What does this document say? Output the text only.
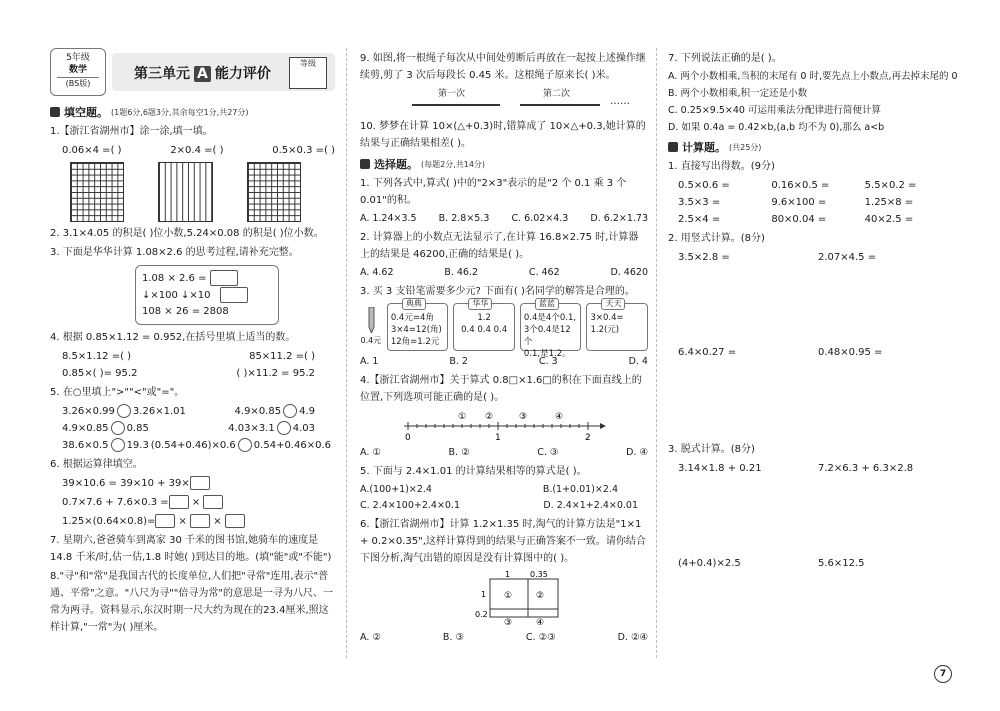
5年级
数学
(BS版)
第三单元 A 能力评价
等级
填空题。 (1题6分,6题3分,其余每空1分,共27分)
1.【浙江省湖州市】涂一涂,填一填。
0.06×4 =( )	2×0.4 =( )	0.5×0.3 =( )
2. 3.1×4.05 的积是( )位小数,5.24×0.08 的积是( )位小数。
3. 下面是华华计算 1.08×2.6 的思考过程,请补充完整。
1.08 × 2.6 =
↓×100 ↓×10
108 × 26 = 2808
4. 根据 0.85×1.12 = 0.952,在括号里填上适当的数。
8.5×1.12 =( )	85×11.2 =( )
0.85×( )= 95.2	( )×11.2 = 95.2
5. 在○里填上">""<"或"="。
3.26×0.99 3.26×1.01	4.9×0.85 4.9
4.9×0.85 0.85	4.03×3.1 4.03
38.6×0.5 19.3 (0.54+0.46)×0.6 0.54+0.46×0.6
6. 根据运算律填空。
39×10.6 = 39×10 + 39×
0.7×7.6 + 7.6×0.3 = ×
1.25×(0.64×0.8)= ×  ×
7. 星期六,爸爸骑车到离家 30 千米的图书馆,她骑车的速度是 14.8 千米/时,估一估,1.8 时她( )到达目的地。(填"能"或"不能")
8."寻"和"常"是我国古代的长度单位,人们把"寻常"连用,表示"普通、平常"之意。"八尺为寻""倍寻为常"的意思是一寻为八尺、一常为两寻。资料显示,东汉时期一尺大约为现在的23.4厘米,照这样计算,"一常"为( )厘米。
9. 如图,将一根绳子每次从中间处剪断后再放在一起按上述操作继续剪,剪了 3 次后每段长 0.45 米。这根绳子原来长( )米。
第一次	第二次
……
10. 梦梦在计算 10×(△+0.3)时,错算成了 10×△+0.3,她计算的结果与正确结果相差( )。
选择题。 (每题2分,共14分)
1. 下列各式中,算式( )中的"2×3"表示的是"2 个 0.1 乘 3 个 0.01"的积。
A. 1.24×3.5 B. 2.8×5.3 C. 6.02×4.3 D. 6.2×1.73
2. 计算器上的小数点无法显示了,在计算 16.8×2.75 时,计算器上的结果是 46200,正确的结果是( )。
A. 4.62	B. 46.2	C. 462	D. 4620
3. 买 3 支铅笔需要多少元? 下面有( )名同学的解答是合理的。
0.4元
典典
0.4元=4角
3×4=12(角)
12角=1.2元
华华
1.2
0.4 0.4 0.4
蓝蓝
0.4是4个0.1,
3个0.4是12个
0.1,是1.2。
天天
3×0.4=
1.2(元)
A. 1	B. 2	C. 3	D. 4
4.【浙江省湖州市】关于算式 0.8□×1.6□的积在下面直线上的位置,下列选项可能正确的是( )。
0	1	2
① ②	③	④
A. ①	B. ②	C. ③	D. ④
5. 下面与 2.4×1.01 的计算结果相等的算式是( )。
A.(100+1)×2.4	B.(1+0.01)×2.4
C. 2.4×100+2.4×0.1	D. 2.4×1+2.4×0.01
6.【浙江省湖州市】计算 1.2×1.35 时,淘气的计算方法是"1×1 + 0.2×0.35",这样计算得到的结果与正确答案不一致。请你结合下图分析,淘气出错的原因是没有计算图中的( )。
1 0.35
1
0.2
①	②
③	④
A. ②	B. ③	C. ②③	D. ②④
7. 下列说法正确的是( )。
A. 两个小数相乘,当积的末尾有 0 时,要先点上小数点,再去掉末尾的 0
B. 两个小数相乘,积一定还是小数
C. 0.25×9.5×40 可运用乘法分配律进行简便计算
D. 如果 0.4a = 0.42×b,(a,b 均不为 0),那么 a<b
计算题。 (共25分)
1. 直接写出得数。(9分)
0.5×0.6 =	0.16×0.5 =	5.5×0.2 =
3.5×3 =	9.6×100 =	1.25×8 =
2.5×4 =	80×0.04 =	40×2.5 =
2. 用竖式计算。(8分)
3.5×2.8 =	2.07×4.5 =
6.4×0.27 =	0.48×0.95 =
3. 脱式计算。(8分)
3.14×1.8 + 0.21	7.2×6.3 + 6.3×2.8
(4+0.4)×2.5	5.6×12.5
7
